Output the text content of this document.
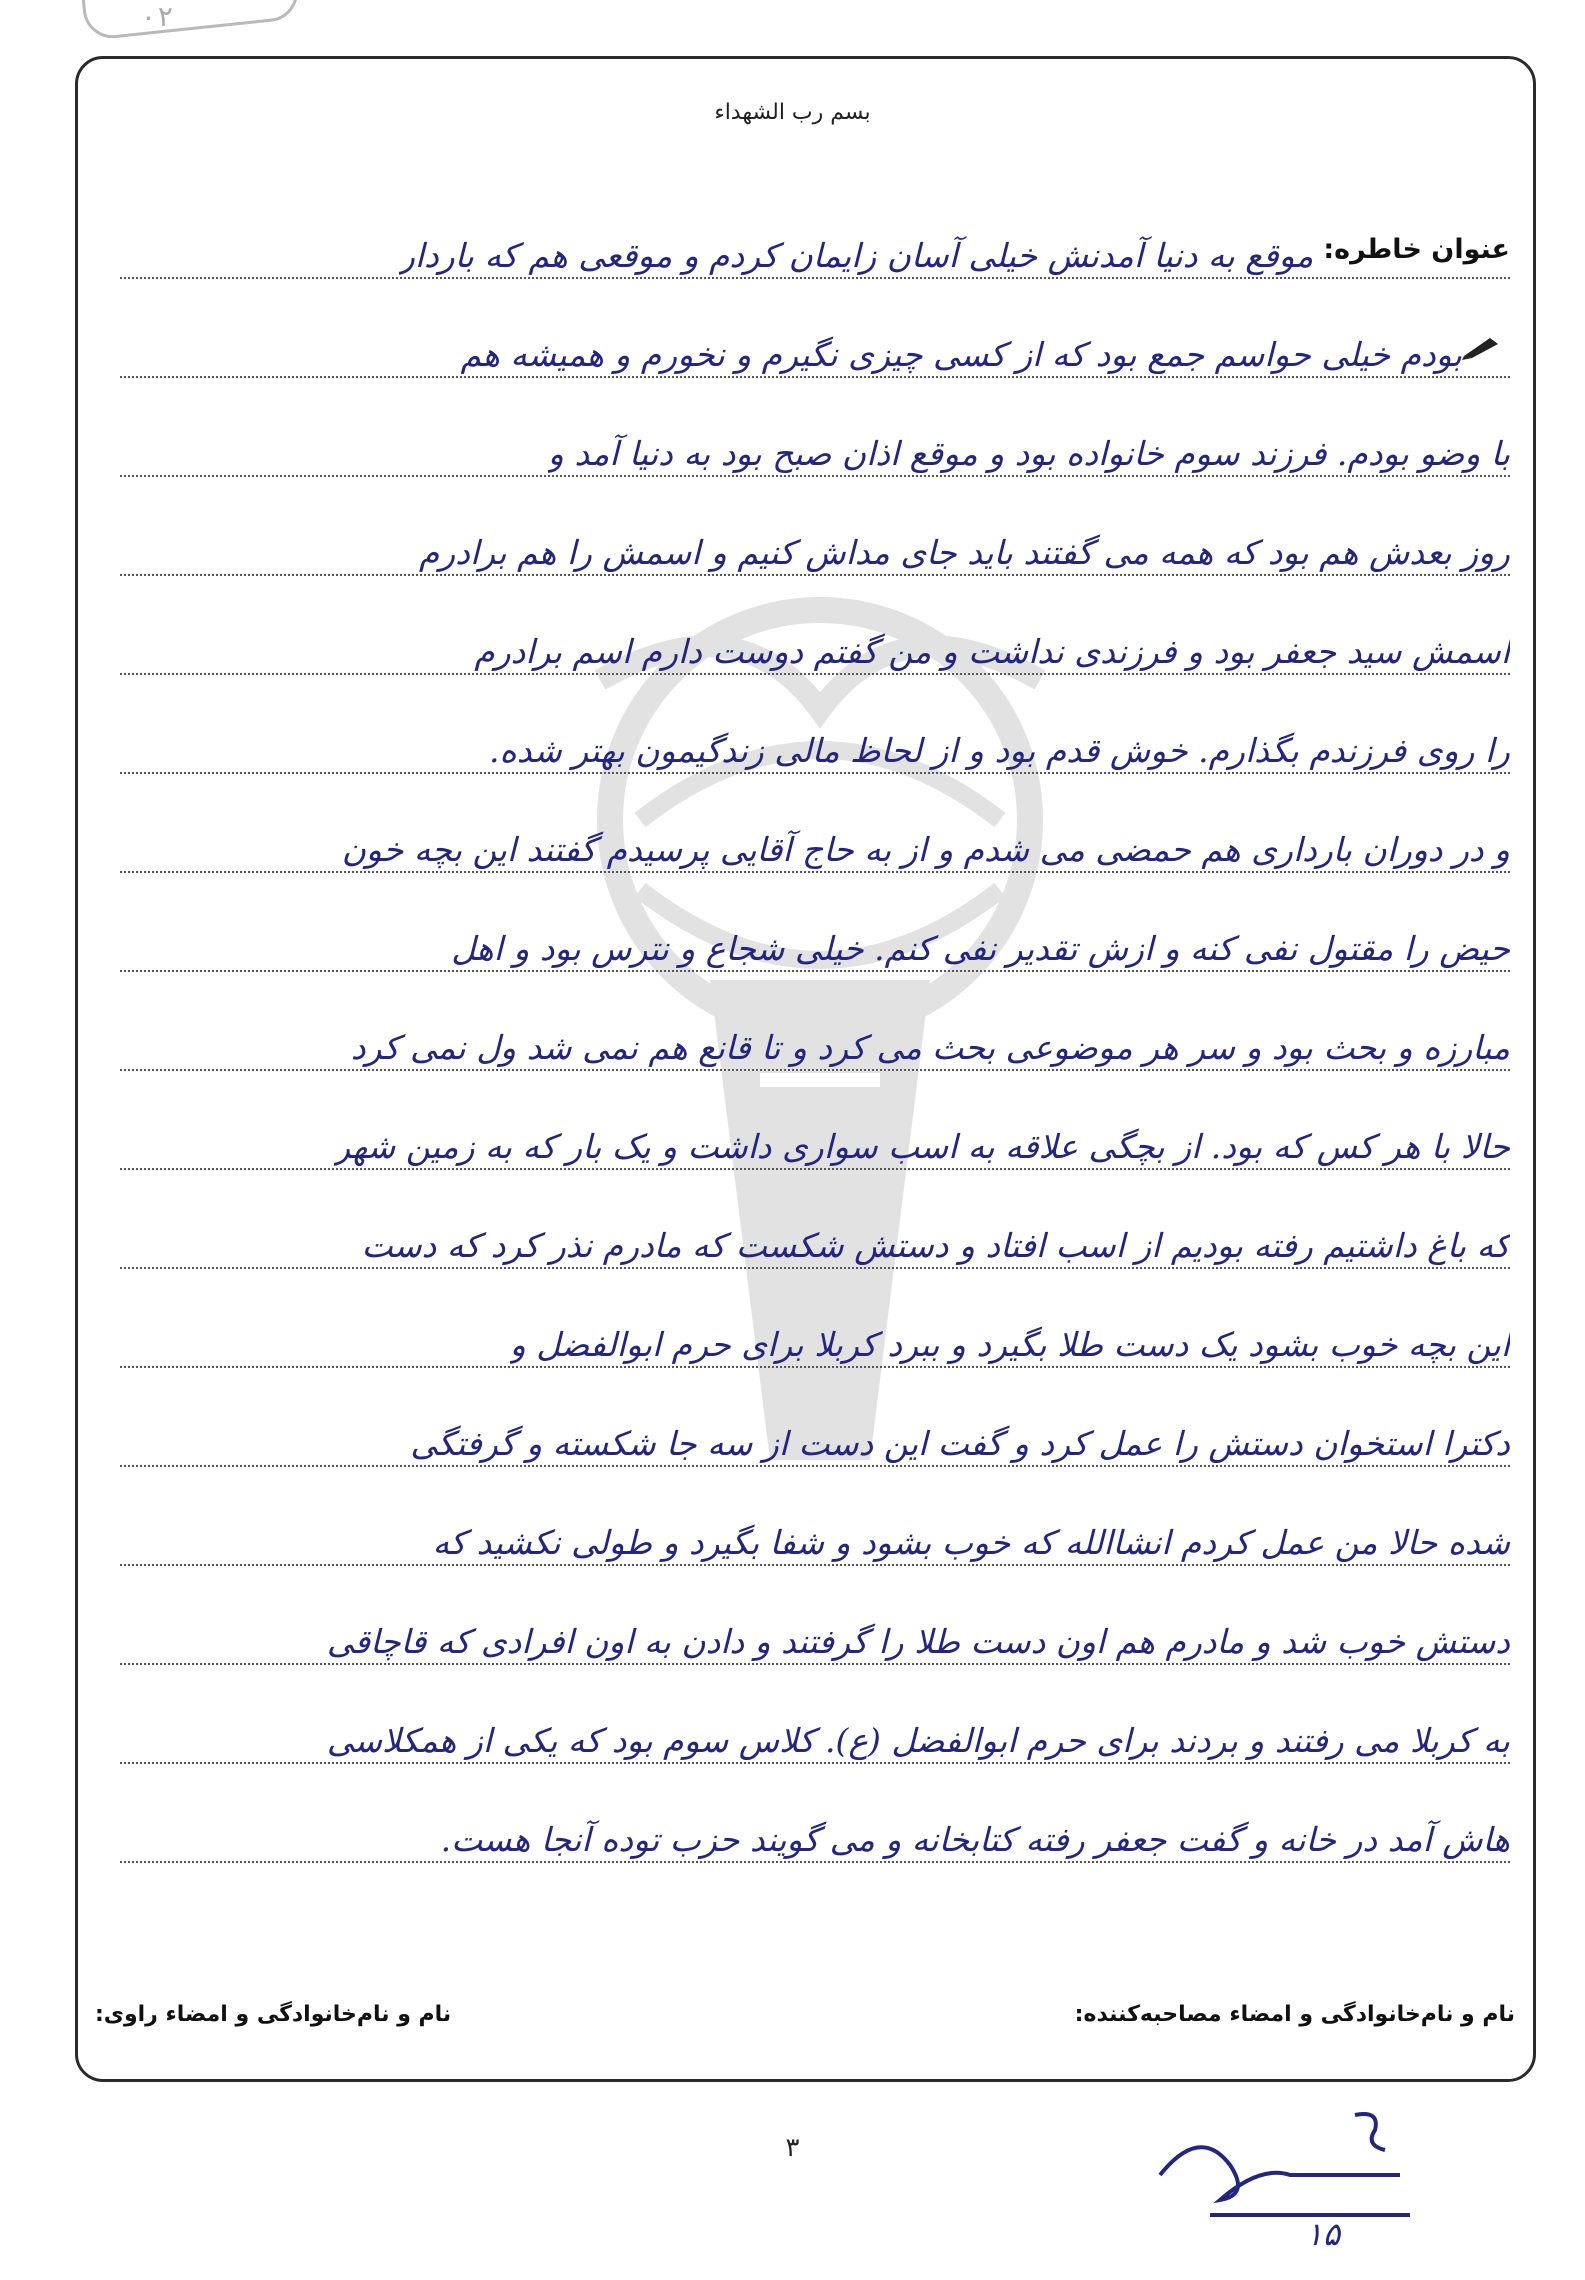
۰۲
بسم رب الشهداء
عنوان خاطره:
موقع به دنیا آمدنش خیلی آسان زایمان کردم و موقعی هم که باردار
بودم خیلی حواسم جمع بود که از کسی چیزی نگیرم و نخورم و همیشه هم
با وضو بودم. فرزند سوم خانواده بود و موقع اذان صبح بود به دنیا آمد و
روز بعدش هم بود که همه می گفتند باید جای مداش کنیم و اسمش را هم برادرم
اسمش سید جعفر بود و فرزندی نداشت و من گفتم دوست دارم اسم برادرم
را روی فرزندم بگذارم. خوش قدم بود و از لحاظ مالی زندگیمون بهتر شده.
و در دوران بارداری هم حمضی می شدم و از به حاج آقایی پرسیدم گفتند این بچه خون
حیض را مقتول نفی کنه و ازش تقدیر نفی کنم. خیلی شجاع و نترس بود و اهل
مبارزه و بحث بود و سر هر موضوعی بحث می کرد و تا قانع هم نمی شد ول نمی کرد
حالا با هر کس که بود. از بچگی علاقه به اسب سواری داشت و یک بار که به زمین شهر
که باغ داشتیم رفته بودیم از اسب افتاد و دستش شکست که مادرم نذر کرد که دست
این بچه خوب بشود یک دست طلا بگیرد و ببرد کربلا برای حرم ابوالفضل و
دکترا استخوان دستش را عمل کرد و گفت این دست از سه جا شکسته و گرفتگی
شده حالا من عمل کردم انشاالله که خوب بشود و شفا بگیرد و طولی نکشید که
دستش خوب شد و مادرم هم اون دست طلا را گرفتند و دادن به اون افرادی که قاچاقی
به کربلا می رفتند و بردند برای حرم ابوالفضل (ع). کلاس سوم بود که یکی از همکلاسی
هاش آمد در خانه و گفت جعفر رفته کتابخانه و می گویند حزب توده آنجا هست.
نام و نام‌خانوادگی و امضاء مصاحبه‌کننده:
نام و نام‌خانوادگی و امضاء راوی:
۳
۱۵
